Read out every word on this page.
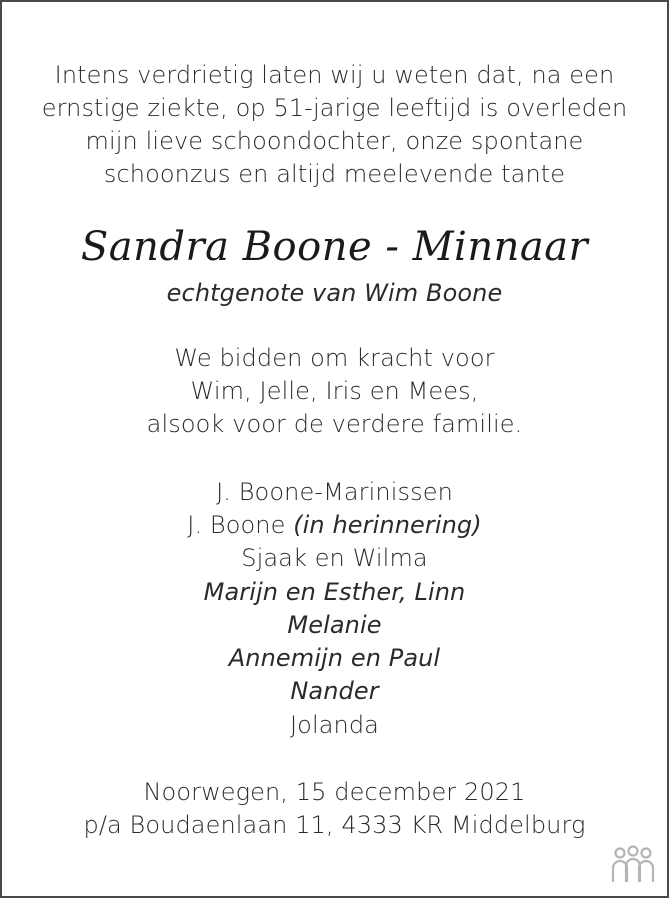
Intens verdrietig laten wij u weten dat, na een
ernstige ziekte, op 51-jarige leeftijd is overleden
mijn lieve schoondochter, onze spontane
schoonzus en altijd meelevende tante
Sandra Boone - Minnaar
echtgenote van Wim Boone
We bidden om kracht voor
Wim, Jelle, Iris en Mees,
alsook voor de verdere familie.
J. Boone-Marinissen
J. Boone (in herinnering)
Sjaak en Wilma
Marijn en Esther, Linn
Melanie
Annemijn en Paul
Nander
Jolanda
Noorwegen, 15 december 2021
p/a Boudaenlaan 11, 4333 KR Middelburg
